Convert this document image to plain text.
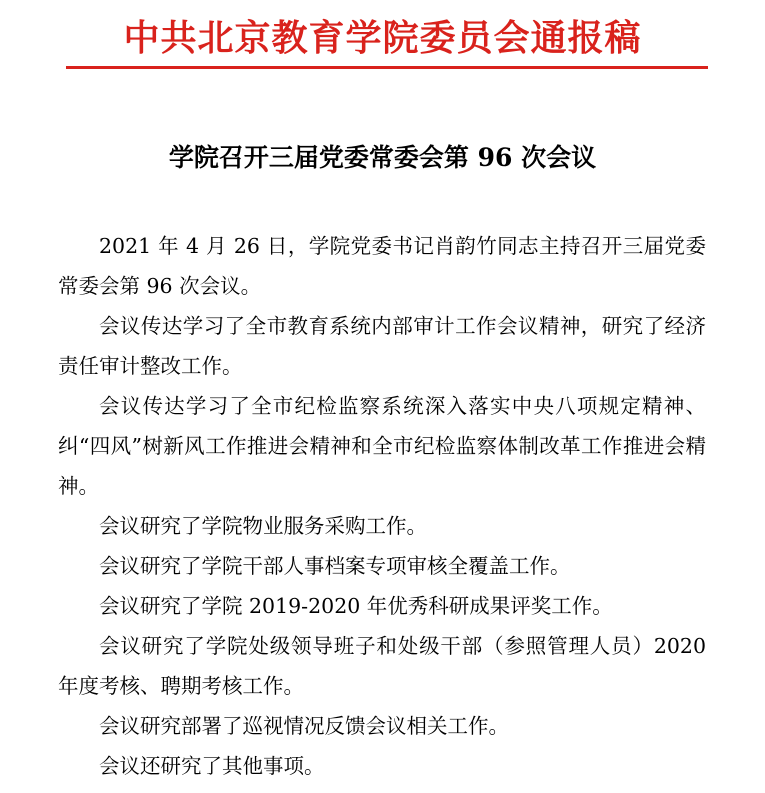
中共北京教育学院委员会通报稿
学院召开三届党委常委会第 96 次会议

2021 年 4 月 26 日，学院党委书记肖韵竹同志主持召开三届党委常委会第 96 次会议。

会议传达学习了全市教育系统内部审计工作会议精神，研究了经济责任审计整改工作。

会议传达学习了全市纪检监察系统深入落实中央八项规定精神、纠“四风”树新风工作推进会精神和全市纪检监察体制改革工作推进会精神。

会议研究了学院物业服务采购工作。

会议研究了学院干部人事档案专项审核全覆盖工作。

会议研究了学院 2019-2020 年优秀科研成果评奖工作。

会议研究了学院处级领导班子和处级干部（参照管理人员）2020 年度考核、聘期考核工作。

会议研究部署了巡视情况反馈会议相关工作。

会议还研究了其他事项。
